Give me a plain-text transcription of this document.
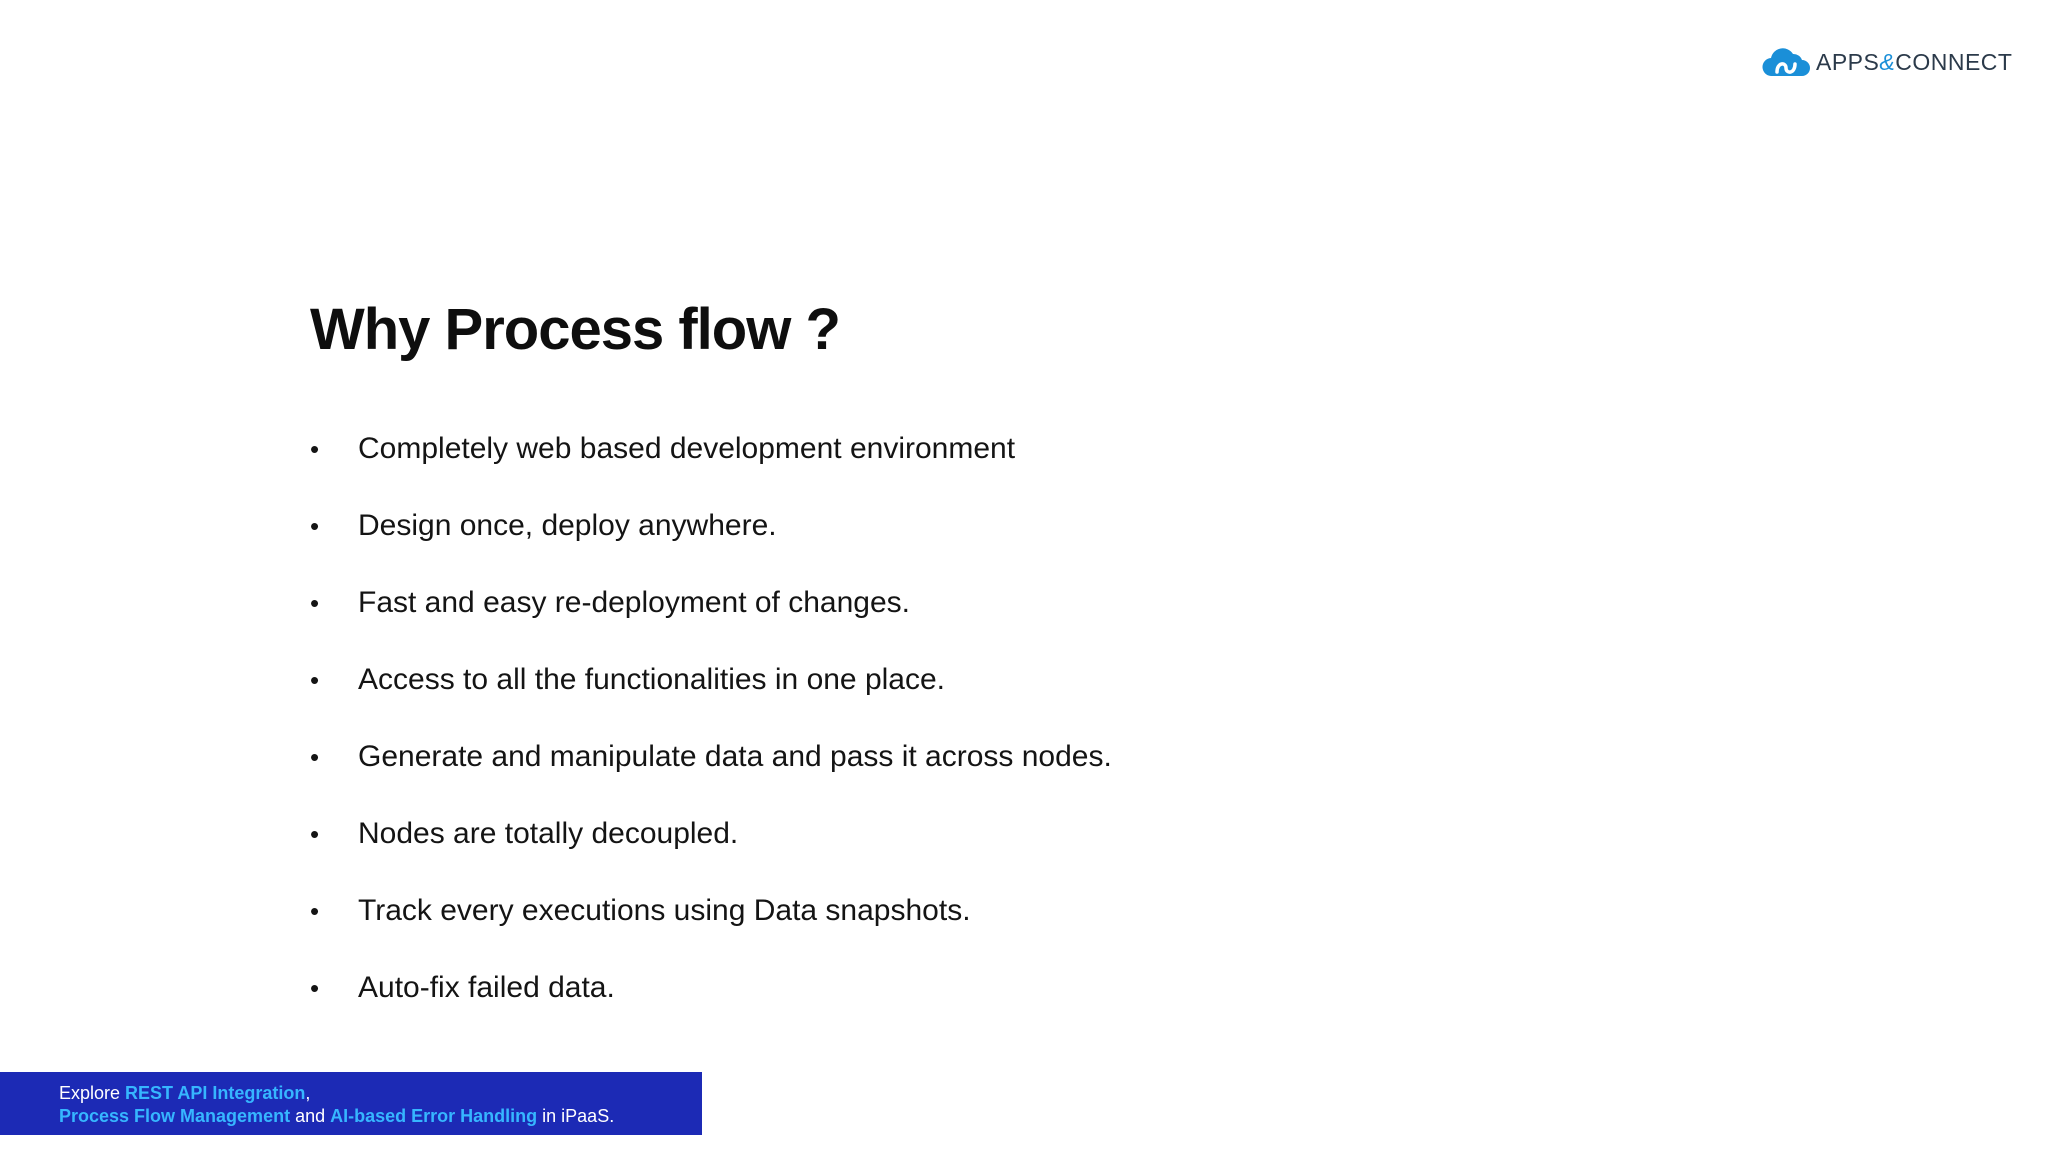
APPS&CONNECT
Why Process flow ?
•	Completely web based development environment
•	Design once, deploy anywhere.
•	Fast and easy re-deployment of changes.
•	Access to all the functionalities in one place.
•	Generate and manipulate data and pass it across nodes.
•	Nodes are totally decoupled.
•	Track every executions using Data snapshots.
•	Auto-fix failed data.
Explore REST API Integration,
Process Flow Management and AI-based Error Handling in iPaaS.
